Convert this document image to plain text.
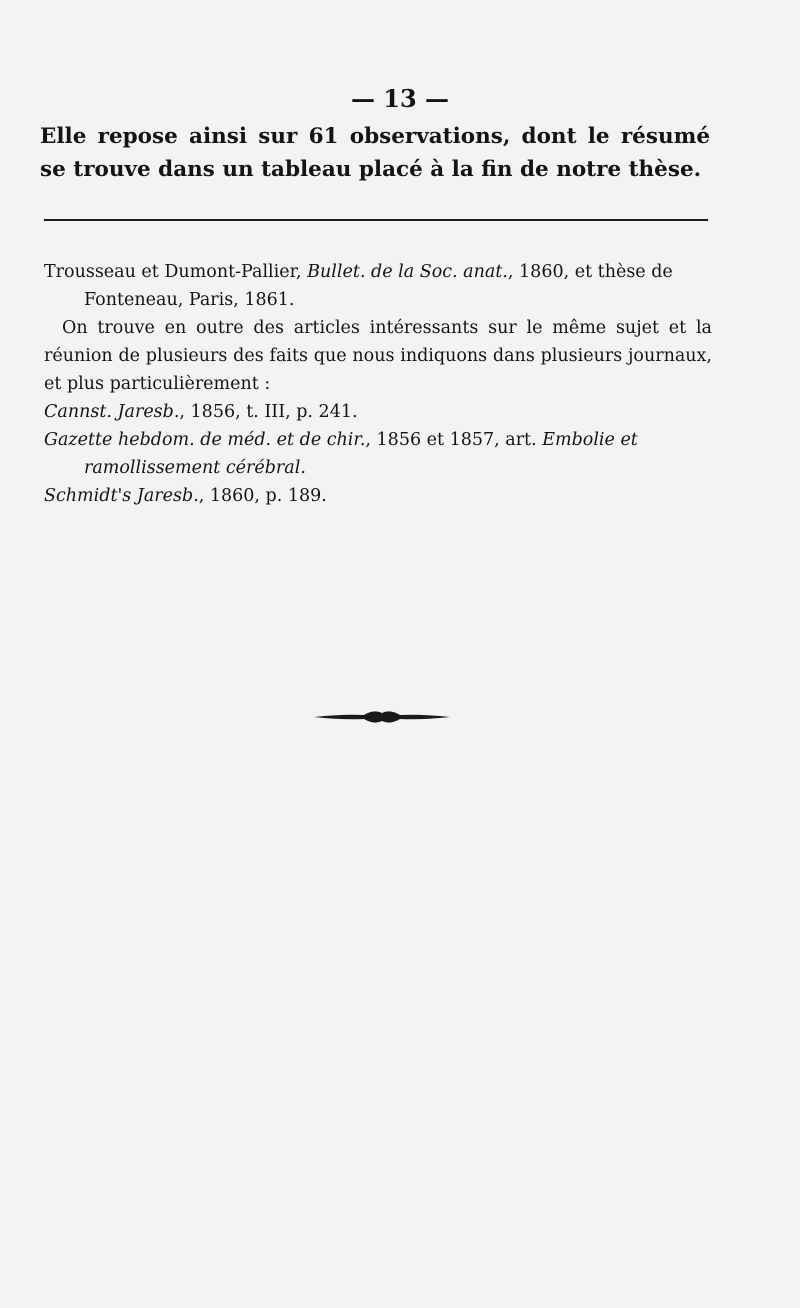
— 13 —
Elle repose ainsi sur 61 observations, dont le résumé se trouve dans un tableau placé à la fin de notre thèse.

Trousseau et Dumont-Pallier, Bullet. de la Soc. anat., 1860, et thèse de Fonteneau, Paris, 1861.

On trouve en outre des articles intéressants sur le même sujet et la réunion de plusieurs des faits que nous indiquons dans plusieurs journaux, et plus particulièrement :

Cannst. Jaresb., 1856, t. III, p. 241.

Gazette hebdom. de méd. et de chir., 1856 et 1857, art. Embolie et ramollissement cérébral.

Schmidt's Jaresb., 1860, p. 189.
